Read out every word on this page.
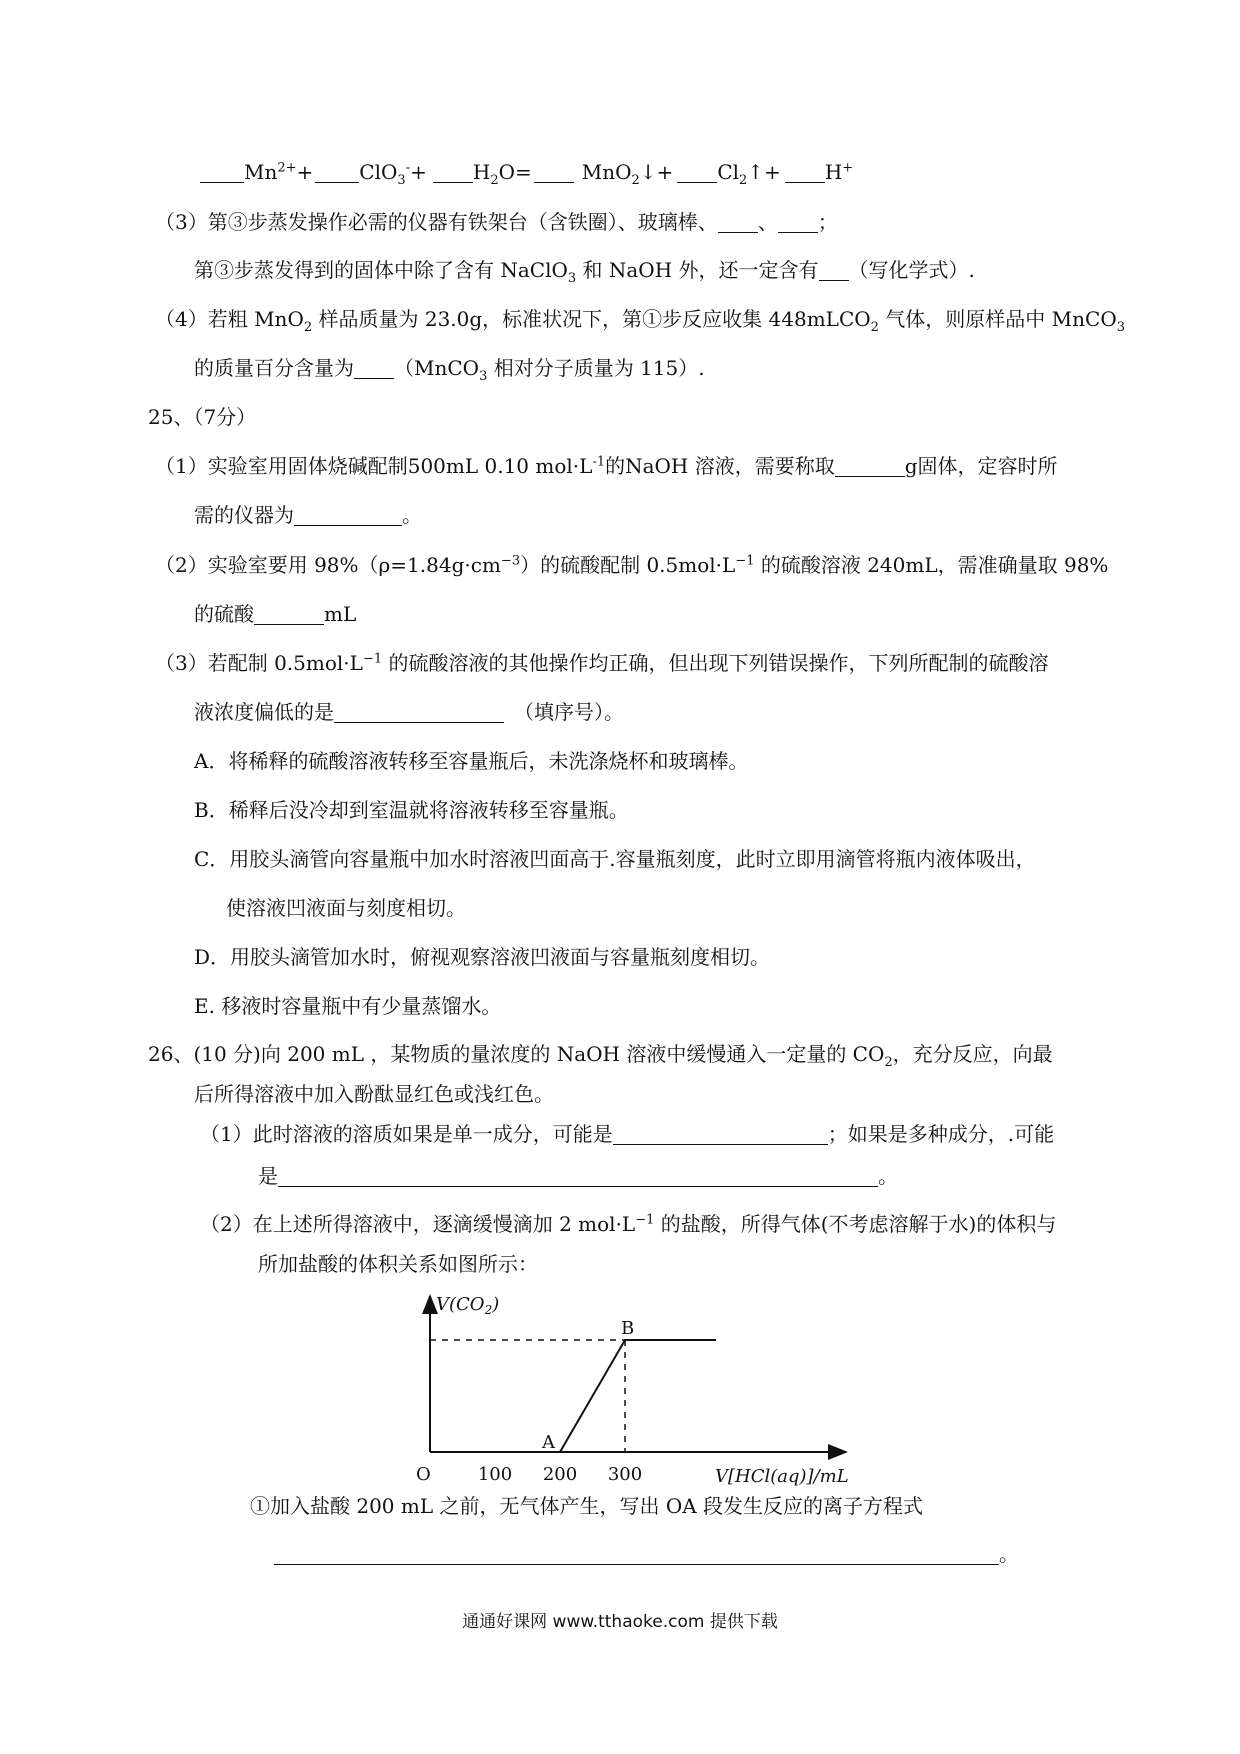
$Mn^{2+}+ ClO_3^-+ H_2O=$	MnO$_2$↓+ $Cl_2↑+ H^+$
（3）第③步蒸发操作必需的仪器有铁架台（含铁圈）、玻璃棒、 、 ；
第③步蒸发得到的固体中除了含有 NaClO$_3$ 和 NaOH 外，还一定含有 （写化学式）.
（4）若粗 MnO$_2$ 样品质量为 23.0g，标准状况下，第①步反应收集 448mLCO$_2$ 气体，则原样品中 MnCO$_3$
的质量百分含量为 （MnCO$_3$ 相对分子质量为 115）.
25、（7分）
（1）实验室用固体烧碱配制500mL 0.10 $mol\cdot L^{-1}$的NaOH 溶液，需要称取	g固体，定容时所
需的仪器为	。
（2）实验室要用 $98\%(\rho=1.84g\cdot cm^{-3})$的硫酸配制 $0.5mol\cdot L^{-1}$ 的硫酸溶液 240mL，需准确量取 98%
的硫酸	mL
（3）若配制 $0.5mol\cdot L^{-1}$ 的硫酸溶液的其他操作均正确，但出现下列错误操作，下列所配制的硫酸溶
液浓度偏低的是	（填序号）。
A．将稀释的硫酸溶液转移至容量瓶后，未洗涤烧杯和玻璃棒。
B．稀释后没冷却到室温就将溶液转移至容量瓶。
C．用胶头滴管向容量瓶中加水时溶液凹面高于.容量瓶刻度，此时立即用滴管将瓶内液体吸出，
使溶液凹液面与刻度相切。
D．用胶头滴管加水时，俯视观察溶液凹液面与容量瓶刻度相切。
E. 移液时容量瓶中有少量蒸馏水。
26、(10 分)向 200 mL ，某物质的量浓度的 NaOH 溶液中缓慢通入一定量的 $CO_2$，充分反应，向最
后所得溶液中加入酚酞显红色或浅红色。
（1）此时溶液的溶质如果是单一成分，可能是	；如果是多种成分，.可能
是	。
（2）在上述所得溶液中，逐滴缓慢滴加 2 $mol\cdot L^{-1}$ 的盐酸，所得气体(不考虑溶解于水)的体积与
所加盐酸的体积关系如图所示：
$V(CO_2)$
A
B
O	100 200 300	V[HCl(aq)]/mL
①加入盐酸 200 mL 之前，无气体产生，写出 OA 段发生反应的离子方程式
。
通通好课网 www.tthaoke.com 提供下载
